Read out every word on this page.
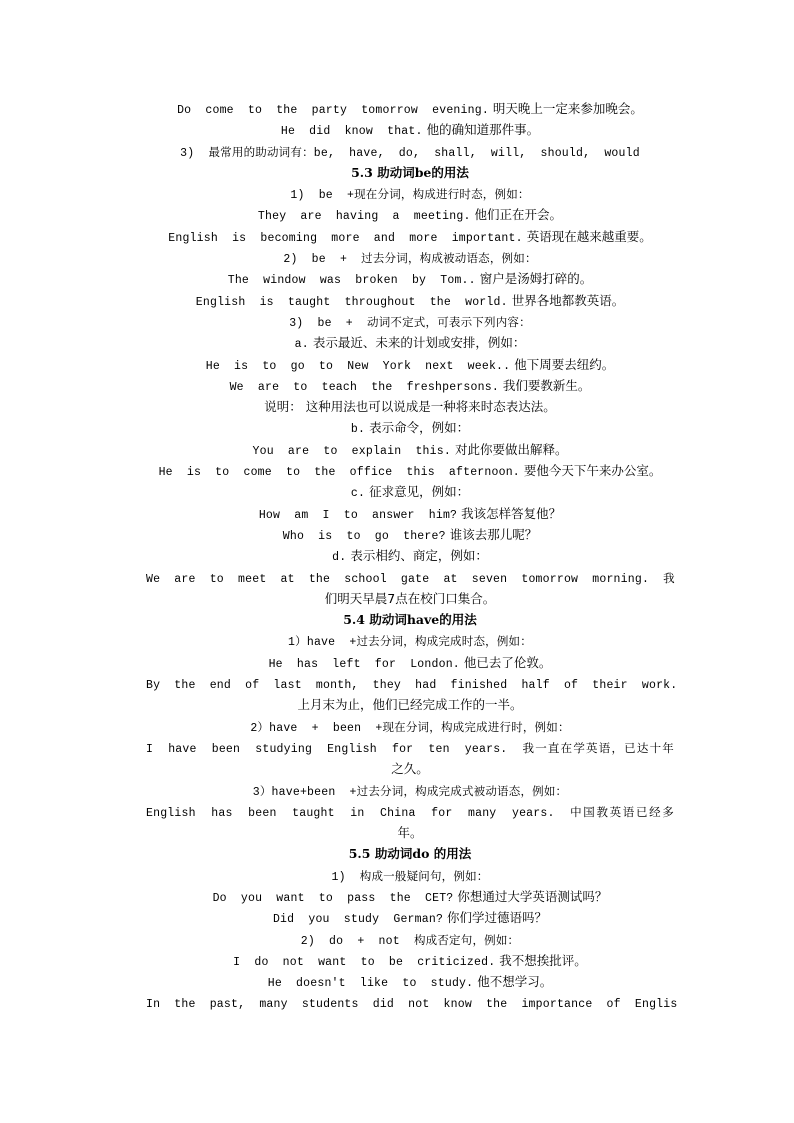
Do come to the party tomorrow evening. 明天晚上一定来参加晚会。
He did know that. 他的确知道那件事。
3) 最常用的助动词有：be, have, do, shall, will, should, would
5.3 助动词be的用法
1) be +现在分词，构成进行时态，例如：
They are having a meeting. 他们正在开会。
English is becoming more and more important. 英语现在越来越重要。
2) be + 过去分词，构成被动语态，例如：
The window was broken by Tom.. 窗户是汤姆打碎的。
English is taught throughout the world. 世界各地都教英语。
3) be + 动词不定式，可表示下列内容：
a. 表示最近、未来的计划或安排，例如：
He is to go to New York next week.. 他下周要去纽约。
We are to teach the freshpersons. 我们要教新生。
说明： 这种用法也可以说成是一种将来时态表达法。
b. 表示命令，例如：
You are to explain this. 对此你要做出解释。
He is to come to the office this afternoon. 要他今天下午来办公室。
c. 征求意见，例如：
How am I to answer him? 我该怎样答复他？
Who is to go there? 谁该去那儿呢？
d. 表示相约、商定，例如：
We are to meet at the school gate at seven tomorrow morning. 我
们明天早晨7点在校门口集合。
5.4 助动词have的用法
1）have +过去分词，构成完成时态，例如：
He has left for London. 他已去了伦敦。
By the end of last month, they had finished half of their work.
上月末为止，他们已经完成工作的一半。
2）have + been +现在分词，构成完成进行时，例如：
I have been studying English for ten years. 我一直在学英语，已达十年
之久。
3）have+been +过去分词，构成完成式被动语态，例如：
English has been taught in China for many years. 中国教英语已经多
年。
5.5 助动词do 的用法
1) 构成一般疑问句，例如：
Do you want to pass the CET? 你想通过大学英语测试吗？
Did you study German? 你们学过德语吗？
2) do + not 构成否定句，例如：
I do not want to be criticized. 我不想挨批评。
He doesn't like to study. 他不想学习。
In the past, many students did not know the importance of Englis
